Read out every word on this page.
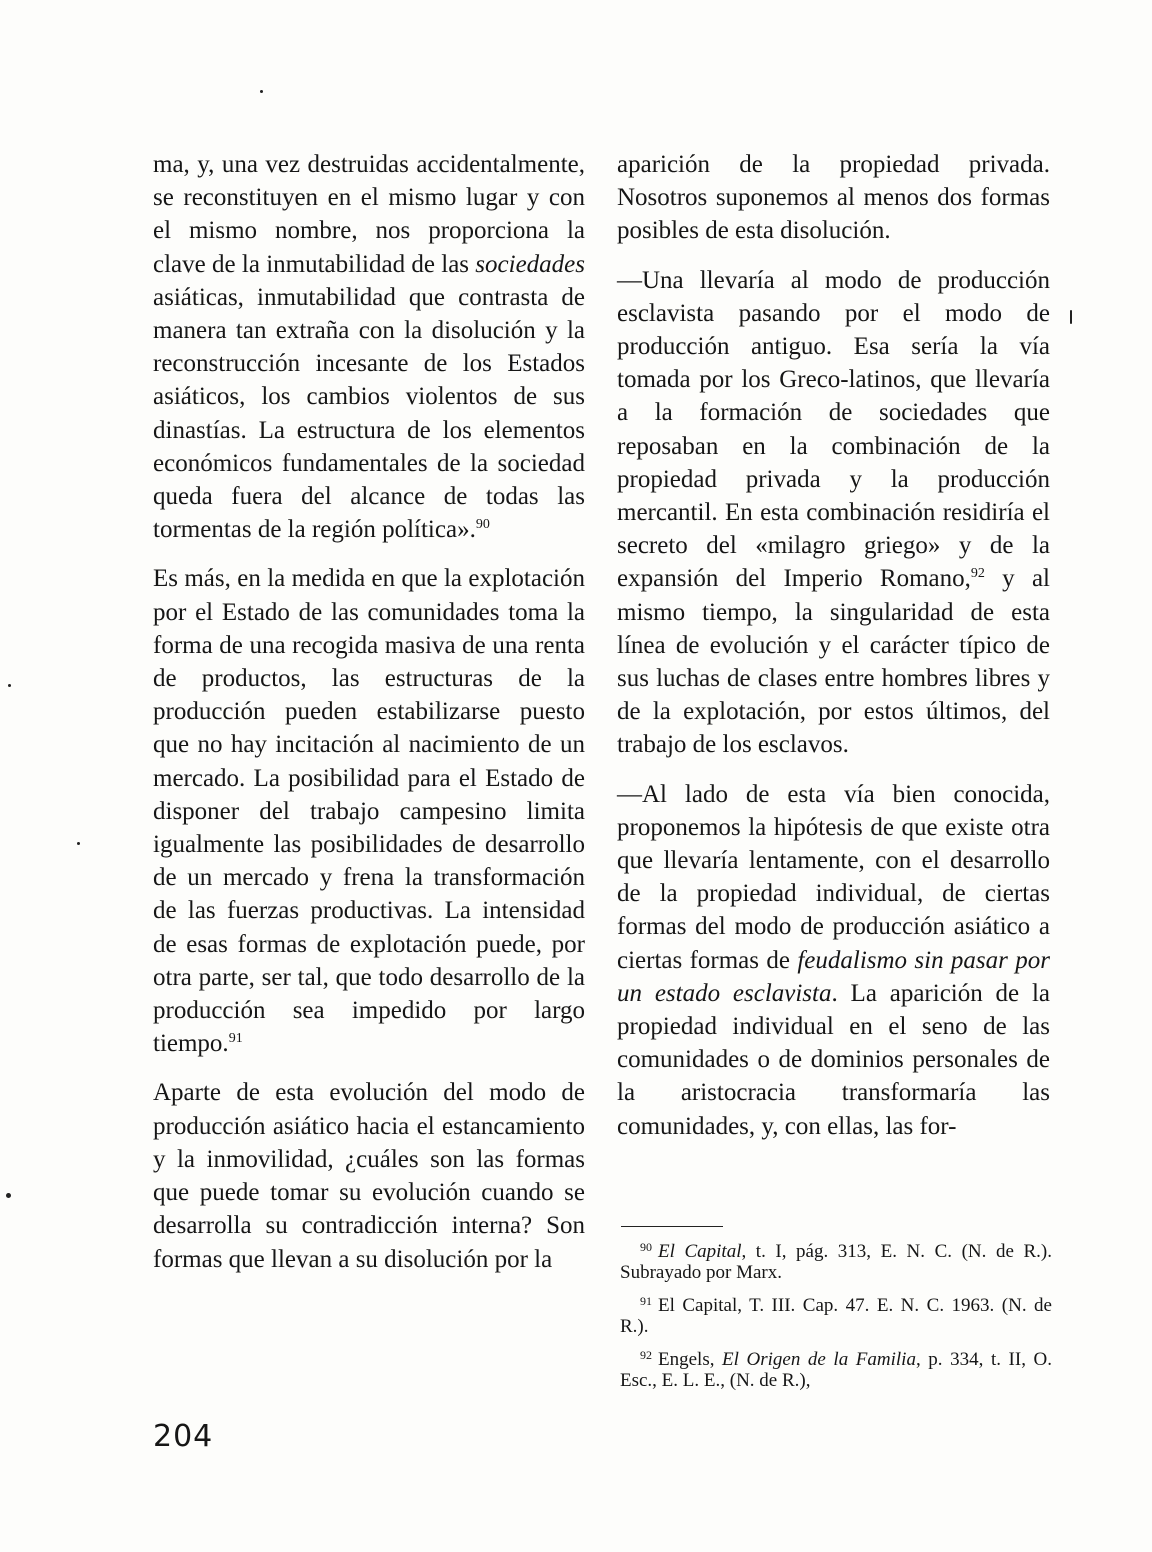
ma, y, una vez destruidas accidentalmente, se reconstituyen en el mismo lugar y con el mismo nombre, nos proporciona la clave de la inmutabilidad de las sociedades asiáticas, inmutabilidad que contrasta de manera tan extraña con la disolución y la reconstrucción incesante de los Estados asiáticos, los cambios violentos de sus dinastías. La estructura de los elementos económicos fundamentales de la sociedad queda fuera del alcance de todas las tormentas de la región política».$^{90}$

Es más, en la medida en que la explotación por el Estado de las comunidades toma la forma de una recogida masiva de una renta de productos, las estructuras de la producción pueden estabilizarse puesto que no hay incitación al nacimiento de un mercado. La posibilidad para el Estado de disponer del trabajo campesino limita igualmente las posibilidades de desarrollo de un mercado y frena la transformación de las fuerzas productivas. La intensidad de esas formas de explotación puede, por otra parte, ser tal, que todo desarrollo de la producción sea impedido por largo tiempo.$^{91}$

Aparte de esta evolución del modo de producción asiático hacia el estancamiento y la inmovilidad, ¿cuáles son las formas que puede tomar su evolución cuando se desarrolla su contradicción interna? Son formas que llevan a su disolución por la

aparición de la propiedad privada. Nosotros suponemos al menos dos formas posibles de esta disolución.

—Una llevaría al modo de producción esclavista pasando por el modo de producción antiguo. Esa sería la vía tomada por los Greco-latinos, que llevaría a la formación de sociedades que reposaban en la combinación de la propiedad privada y la producción mercantil. En esta combinación residiría el secreto del «milagro griego» y de la expansión del Imperio Romano,$^{92}$ y al mismo tiempo, la singularidad de esta línea de evolución y el carácter típico de sus luchas de clases entre hombres libres y de la explotación, por estos últimos, del trabajo de los esclavos.

—Al lado de esta vía bien conocida, proponemos la hipótesis de que existe otra que llevaría lentamente, con el desarrollo de la propiedad individual, de ciertas formas del modo de producción asiático a ciertas formas de feudalismo sin pasar por un estado esclavista. La aparición de la propiedad individual en el seno de las comunidades o de dominios personales de la aristocracia transformaría las comunidades, y, con ellas, las for-

$^{90}$ El Capital, t. I, pág. 313, E. N. C. (N. de R.). Subrayado por Marx.

$^{91}$ El Capital, T. III. Cap. 47. E. N. C. 1963. (N. de R.).

$^{92}$ Engels, El Origen de la Familia, p. 334, t. II, O. Esc., E. L. E., (N. de R.),

204
